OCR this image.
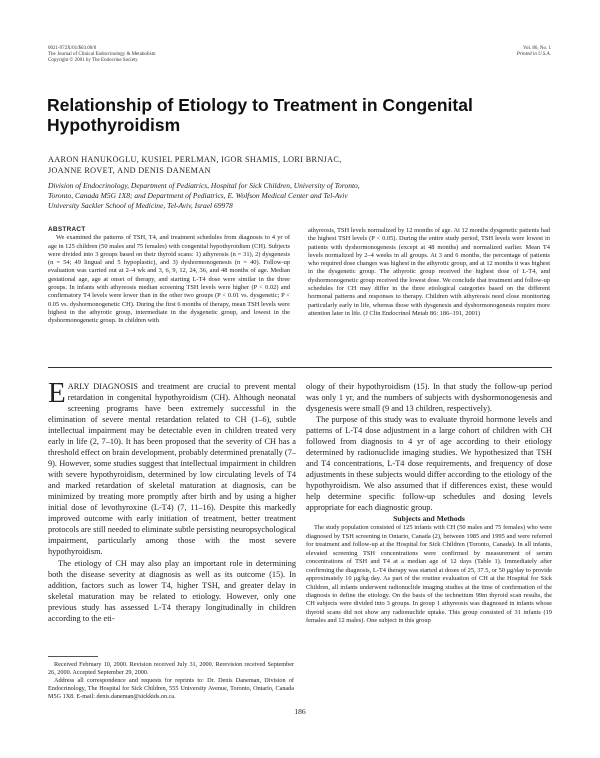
0021-972X/01/$03.00/0
The Journal of Clinical Endocrinology & Metabolism
Copyright © 2001 by The Endocrine Society
Vol. 86, No. 1
Printed in U.S.A.
Relationship of Etiology to Treatment in Congenital Hypothyroidism
AARON HANUKOGLU, KUSIEL PERLMAN, IGOR SHAMIS, LORI BRNJAC,
JOANNE ROVET, AND DENIS DANEMAN
Division of Endocrinology, Department of Pediatrics, Hospital for Sick Children, University of Toronto,
Toronto, Canada M5G 1X8; and Department of Pediatrics, E. Wolfson Medical Center and Tel-Aviv
University Sackler School of Medicine, Tel-Aviv, Israel 69978
ABSTRACT

We examined the patterns of TSH, T4, and treatment schedules from diagnosis to 4 yr of age in 125 children (50 males and 75 females) with congenital hypothyroidism (CH). Subjects were divided into 3 groups based on their thyroid scans: 1) athyreosis (n = 31), 2) dysgenesis (n = 54; 49 lingual and 5 hypoplastic), and 3) dyshormonogenesis (n = 40). Follow-up evaluation was carried out at 2–4 wk and 3, 6, 9, 12, 24, 36, and 48 months of age. Median gestational age, age at onset of therapy, and starting L-T4 dose were similar in the three groups. In infants with athyreosis median screening TSH levels were higher (P < 0.02) and confirmatory T4 levels were lower than in the other two groups (P < 0.01 vs. dysgenetic; P < 0.05 vs. dyshormonogenetic CH). During the first 6 months of therapy, mean TSH levels were highest in the athyrotic group, intermediate in the dysgenetic group, and lowest in the dyshormonogenetic group. In children with

athyreosis, TSH levels normalized by 12 months of age. At 12 months dysgenetic patients had the highest TSH levels (P < 0.05). During the entire study period, TSH levels were lowest in patients with dyshormonogenesis (except at 48 months) and normalized earlier. Mean T4 levels normalized by 2–4 weeks in all groups. At 3 and 6 months, the percentage of patients who required dose changes was highest in the athyrotic group, and at 12 months it was highest in the dysgenetic group. The athyrotic group received the highest dose of L-T4, and dyshormonogenetic group received the lowest dose. We conclude that treatment and follow-up schedules for CH may differ in the three etiological categories based on the different hormonal patterns and responses to therapy. Children with athyreosis need close monitoring particularly early in life, whereas those with dysgenesis and dyshormonogenesis require more attention later in life. (J Clin Endocrinol Metab 86: 186–191, 2001)

EARLY DIAGNOSIS and treatment are crucial to prevent mental retardation in congenital hypothyroidism (CH). Although neonatal screening programs have been extremely successful in the elimination of severe mental retardation related to CH (1–6), subtle intellectual impairment may be detectable even in children treated very early in life (2, 7–10). It has been proposed that the severity of CH has a threshold effect on brain development, probably determined prenatally (7–9). However, some studies suggest that intellectual impairment in children with severe hypothyroidism, determined by low circulating levels of T4 and marked retardation of skeletal maturation at diagnosis, can be minimized by treating more promptly after birth and by using a higher initial dose of levothyroxine (L-T4) (7, 11–16). Despite this markedly improved outcome with early initiation of treatment, better treatment protocols are still needed to eliminate subtle persisting neuropsychological impairment, particularly among those with the most severe hypothyroidism.

The etiology of CH may also play an important role in determining both the disease severity at diagnosis as well as its outcome (15). In addition, factors such as lower T4, higher TSH, and greater delay in skeletal maturation may be related to etiology. However, only one previous study has assessed L-T4 therapy longitudinally in children according to the eti-

ology of their hypothyroidism (15). In that study the follow-up period was only 1 yr, and the numbers of subjects with dyshormonogenesis and dysgenesis were small (9 and 13 children, respectively).

The purpose of this study was to evaluate thyroid hormone levels and patterns of L-T4 dose adjustment in a large cohort of children with CH followed from diagnosis to 4 yr of age according to their etiology determined by radionuclide imaging studies. We hypothesized that TSH and T4 concentrations, L-T4 dose requirements, and frequency of dose adjustments in these subjects would differ according to the etiology of the hypothyroidism. We also assumed that if differences exist, these would help determine specific follow-up schedules and dosing levels appropriate for each diagnostic group.

Subjects and Methods

The study population consisted of 125 infants with CH (50 males and 75 females) who were diagnosed by TSH screening in Ontario, Canada (2), between 1985 and 1995 and were referred for treatment and follow-up at the Hospital for Sick Children (Toronto, Canada). In all infants, elevated screening TSH concentrations were confirmed by measurement of serum concentrations of TSH and T4 at a median age of 12 days (Table 1). Immediately after confirming the diagnosis, L-T4 therapy was started at doses of 25, 37.5, or 50 μg/day to provide approximately 10 μg/kg·day. As part of the routine evaluation of CH at the Hospital for Sick Children, all infants underwent radionuclide imaging studies at the time of confirmation of the diagnosis to define the etiology. On the basis of the technetium 99m thyroid scan results, the CH subjects were divided into 3 groups. In group 1 athyreosis was diagnosed in infants whose thyroid scans did not show any radionuclide uptake. This group consisted of 31 infants (19 females and 12 males). One subject in this group

Received February 10, 2000. Revision received July 31, 2000. Rerevision received September 26, 2000. Accepted September 29, 2000.

Address all correspondence and requests for reprints to: Dr. Denis Daneman, Division of Endocrinology, The Hospital for Sick Children, 555 University Avenue, Toronto, Ontario, Canada M5G 1X8. E-mail: denis.daneman@sickkids.on.ca.

186
